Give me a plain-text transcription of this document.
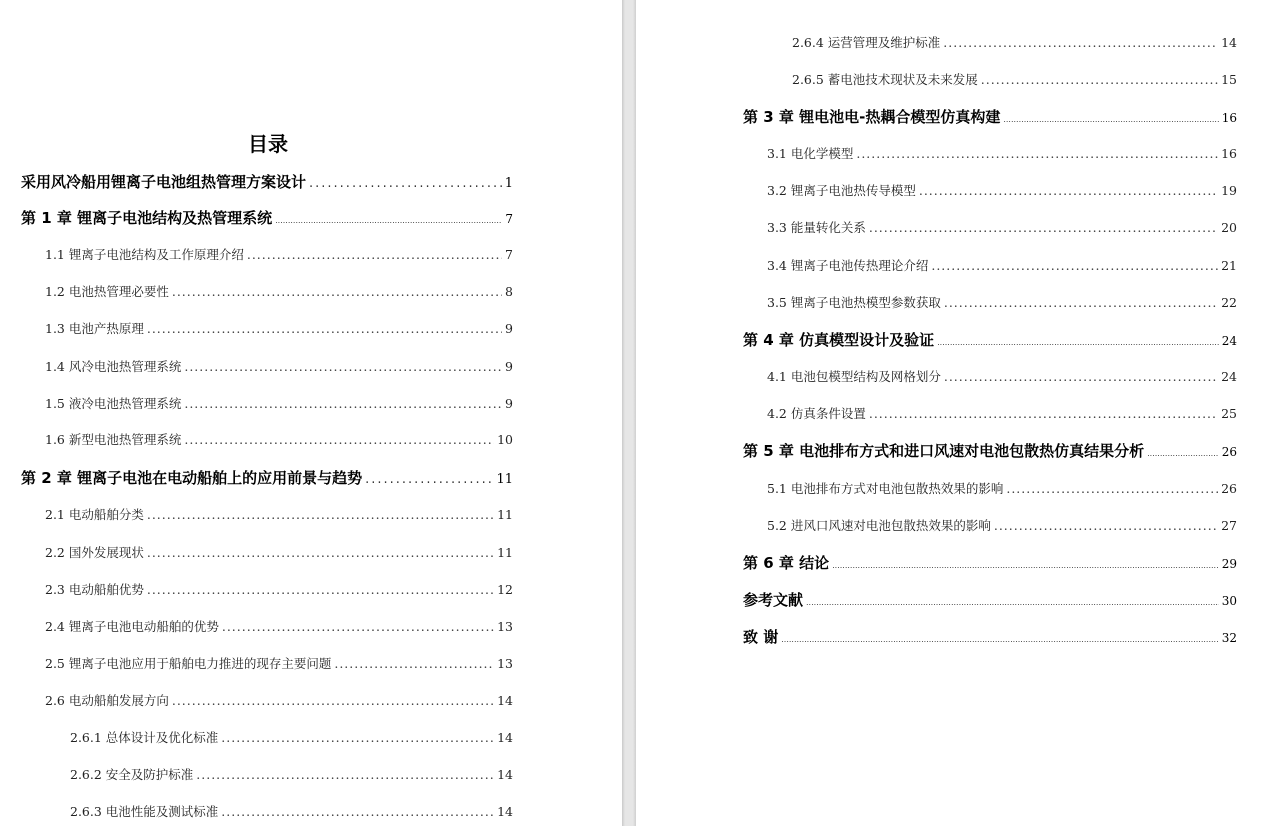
目录
采用风冷船用锂离子电池组热管理方案设计 .....	1
第 1 章 锂离子电池结构及热管理系统 .....	7
1.1 锂离子电池结构及工作原理介绍 .....	7
1.2 电池热管理必要性 .....	8
1.3 电池产热原理 .....	9
1.4 风冷电池热管理系统 .....	9
1.5 液冷电池热管理系统 .....	9
1.6 新型电池热管理系统 .....	10
第 2 章 锂离子电池在电动船舶上的应用前景与趋势 .....	11
2.1 电动船舶分类 .....	11
2.2 国外发展现状 .....	11
2.3 电动船舶优势 .....	12
2.4 锂离子电池电动船舶的优势 .....	13
2.5 锂离子电池应用于船舶电力推进的现存主要问题 .....	13
2.6 电动船舶发展方向 .....	14
2.6.1 总体设计及优化标准 .....	14
2.6.2 安全及防护标准 .....	14
2.6.3 电池性能及测试标准 .....	14
2.6.4 运营管理及维护标准 .....	14
2.6.5 蓄电池技术现状及未来发展 .....	15
第 3 章 锂电池电-热耦合模型仿真构建 .....	16
3.1 电化学模型 .....	16
3.2 锂离子电池热传导模型 .....	19
3.3 能量转化关系 .....	20
3.4 锂离子电池传热理论介绍 .....	21
3.5 锂离子电池热模型参数获取 .....	22
第 4 章 仿真模型设计及验证 .....	24
4.1 电池包模型结构及网格划分 .....	24
4.2 仿真条件设置 .....	25
第 5 章 电池排布方式和进口风速对电池包散热仿真结果分析 .....	26
5.1 电池排布方式对电池包散热效果的影响 .....	26
5.2 进风口风速对电池包散热效果的影响 .....	27
第 6 章 结论 .....	29
参考文献 .....	30
致 谢 .....	32
